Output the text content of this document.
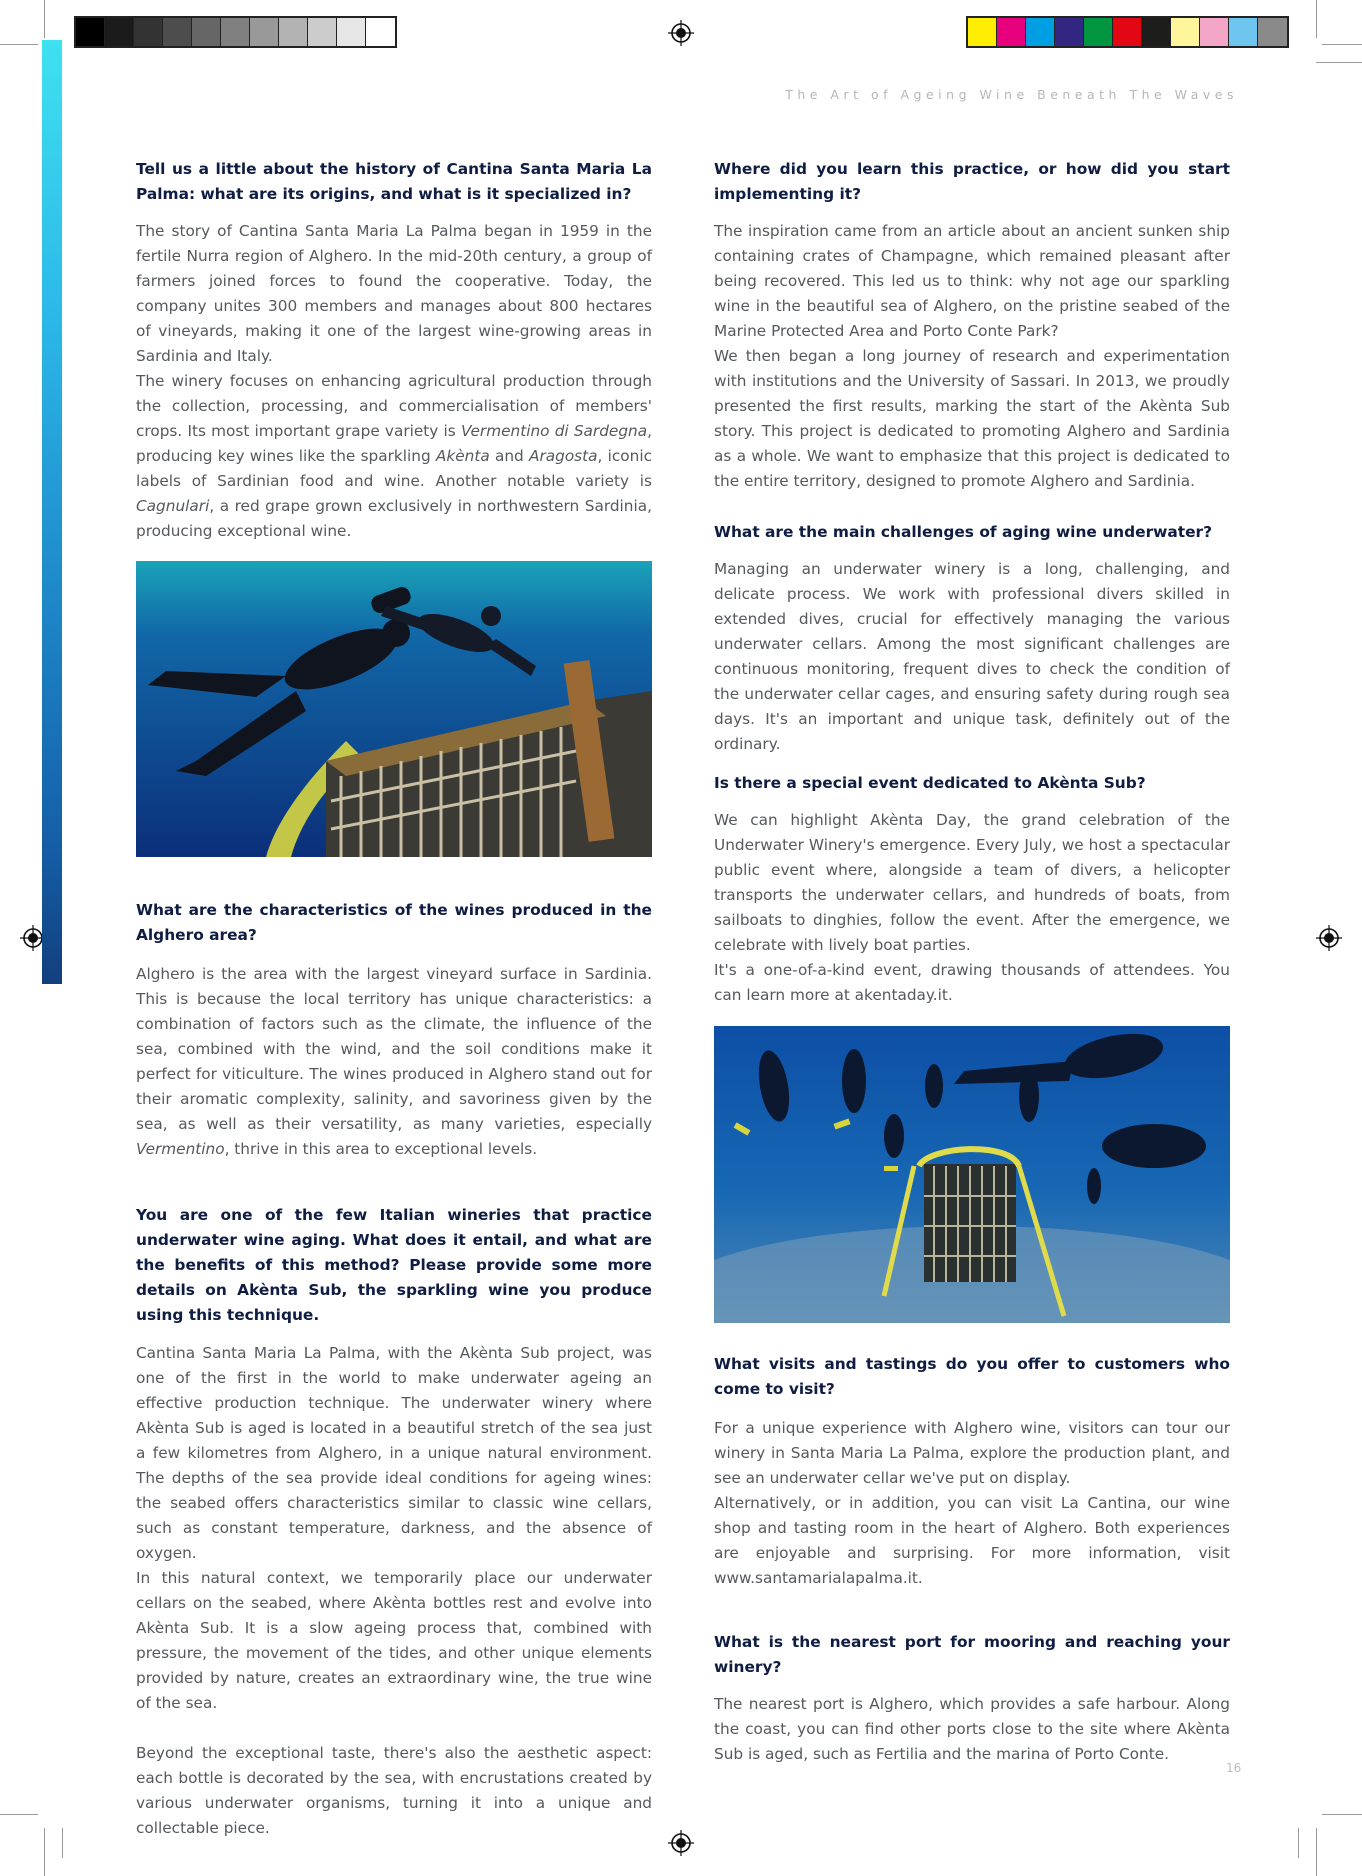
The Art of Ageing Wine Beneath The Waves

Tell us a little about the history of Cantina Santa Maria La Palma: what are its origins, and what is it specialized in?

The story of Cantina Santa Maria La Palma began in 1959 in the fertile Nurra region of Alghero. In the mid-20th century, a group of farmers joined forces to found the cooperative. Today, the company unites 300 members and manages about 800 hectares of vineyards, making it one of the largest wine-growing areas in Sardinia and Italy.

The winery focuses on enhancing agricultural production through the collection, processing, and commercialisation of members' crops. Its most important grape variety is Vermentino di Sardegna, producing key wines like the sparkling Akènta and Aragosta, iconic labels of Sardinian food and wine. Another notable variety is Cagnulari, a red grape grown exclusively in northwestern Sardinia, producing exceptional wine.

What are the characteristics of the wines produced in the Alghero area?

Alghero is the area with the largest vineyard surface in Sardinia. This is because the local territory has unique characteristics: a combination of factors such as the climate, the influence of the sea, combined with the wind, and the soil conditions make it perfect for viticulture. The wines produced in Alghero stand out for their aromatic complexity, salinity, and savoriness given by the sea, as well as their versatility, as many varieties, especially Vermentino, thrive in this area to exceptional levels.

You are one of the few Italian wineries that practice underwater wine aging. What does it entail, and what are the benefits of this method? Please provide some more details on Akènta Sub, the sparkling wine you produce using this technique.

Cantina Santa Maria La Palma, with the Akènta Sub project, was one of the first in the world to make underwater ageing an effective production technique. The underwater winery where Akènta Sub is aged is located in a beautiful stretch of the sea just a few kilometres from Alghero, in a unique natural environment. The depths of the sea provide ideal conditions for ageing wines: the seabed offers characteristics similar to classic wine cellars, such as constant temperature, darkness, and the absence of oxygen.

In this natural context, we temporarily place our underwater cellars on the seabed, where Akènta bottles rest and evolve into Akènta Sub. It is a slow ageing process that, combined with pressure, the movement of the tides, and other unique elements provided by nature, creates an extraordinary wine, the true wine of the sea.

Beyond the exceptional taste, there's also the aesthetic aspect: each bottle is decorated by the sea, with encrustations created by various underwater organisms, turning it into a unique and collectable piece.

Where did you learn this practice, or how did you start implementing it?

The inspiration came from an article about an ancient sunken ship containing crates of Champagne, which remained pleasant after being recovered. This led us to think: why not age our sparkling wine in the beautiful sea of Alghero, on the pristine seabed of the Marine Protected Area and Porto Conte Park?

We then began a long journey of research and experimentation with institutions and the University of Sassari. In 2013, we proudly presented the first results, marking the start of the Akènta Sub story. This project is dedicated to promoting Alghero and Sardinia as a whole. We want to emphasize that this project is dedicated to the entire territory, designed to promote Alghero and Sardinia.

What are the main challenges of aging wine underwater?

Managing an underwater winery is a long, challenging, and delicate process. We work with professional divers skilled in extended dives, crucial for effectively managing the various underwater cellars. Among the most significant challenges are continuous monitoring, frequent dives to check the condition of the underwater cellar cages, and ensuring safety during rough sea days. It's an important and unique task, definitely out of the ordinary.

Is there a special event dedicated to Akènta Sub?

We can highlight Akènta Day, the grand celebration of the Underwater Winery's emergence. Every July, we host a spectacular public event where, alongside a team of divers, a helicopter transports the underwater cellars, and hundreds of boats, from sailboats to dinghies, follow the event. After the emergence, we celebrate with lively boat parties.

It's a one-of-a-kind event, drawing thousands of attendees. You can learn more at akentaday.it.

What visits and tastings do you offer to customers who come to visit?

For a unique experience with Alghero wine, visitors can tour our winery in Santa Maria La Palma, explore the production plant, and see an underwater cellar we've put on display.

Alternatively, or in addition, you can visit La Cantina, our wine shop and tasting room in the heart of Alghero. Both experiences are enjoyable and surprising. For more information, visit www.santamarialapalma.it.

What is the nearest port for mooring and reaching your winery?

The nearest port is Alghero, which provides a safe harbour. Along the coast, you can find other ports close to the site where Akènta Sub is aged, such as Fertilia and the marina of Porto Conte.

16
